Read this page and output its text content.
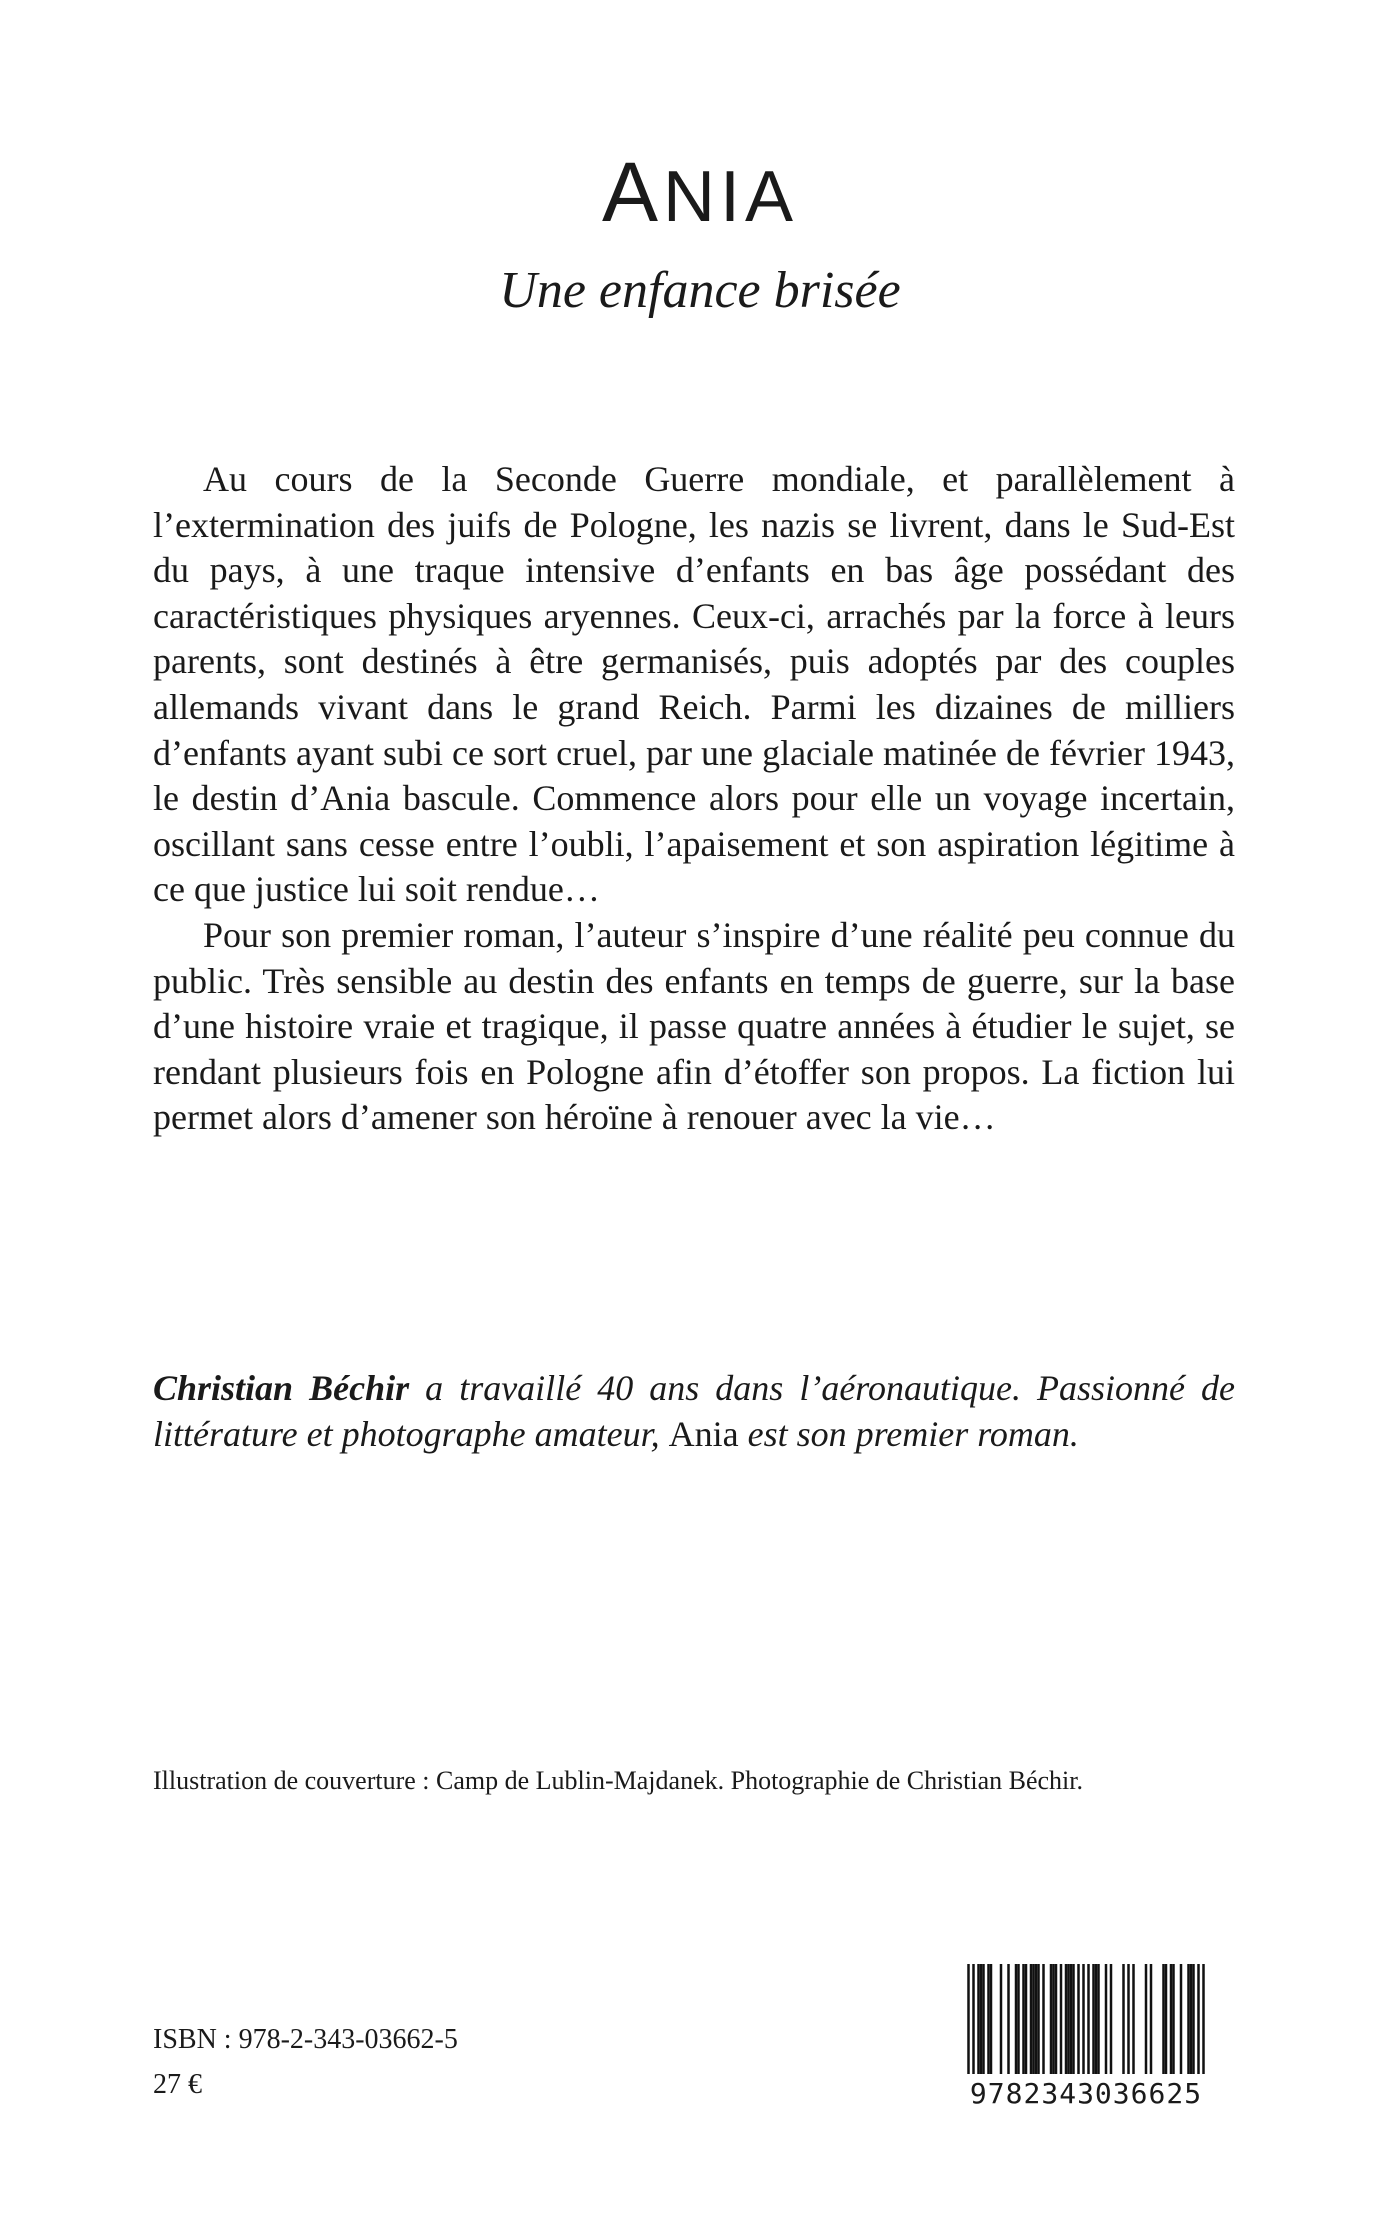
ANIA
Une enfance brisée

Au cours de la Seconde Guerre mondiale, et parallèlement à l’extermination des juifs de Pologne, les nazis se livrent, dans le Sud-Est du pays, à une traque intensive d’enfants en bas âge possédant des caractéristiques physiques aryennes. Ceux-ci, arrachés par la force à leurs parents, sont destinés à être germanisés, puis adoptés par des couples allemands vivant dans le grand Reich. Parmi les dizaines de milliers d’enfants ayant subi ce sort cruel, par une glaciale matinée de février 1943, le destin d’Ania bascule. Commence alors pour elle un voyage incertain, oscillant sans cesse entre l’oubli, l’apaisement et son aspiration légitime à ce que justice lui soit rendue…

Pour son premier roman, l’auteur s’inspire d’une réalité peu connue du public. Très sensible au destin des enfants en temps de guerre, sur la base d’une histoire vraie et tragique, il passe quatre années à étudier le sujet, se rendant plusieurs fois en Pologne afin d’étoffer son propos. La fiction lui permet alors d’amener son héroïne à renouer avec la vie…

Christian Béchir a travaillé 40 ans dans l’aéronautique. Passionné de littérature et photographe amateur, Ania est son premier roman.

Illustration de couverture : Camp de Lublin-Majdanek. Photographie de Christian Béchir.
ISBN : 978-2-343-03662-5
27 €	9782343036625
